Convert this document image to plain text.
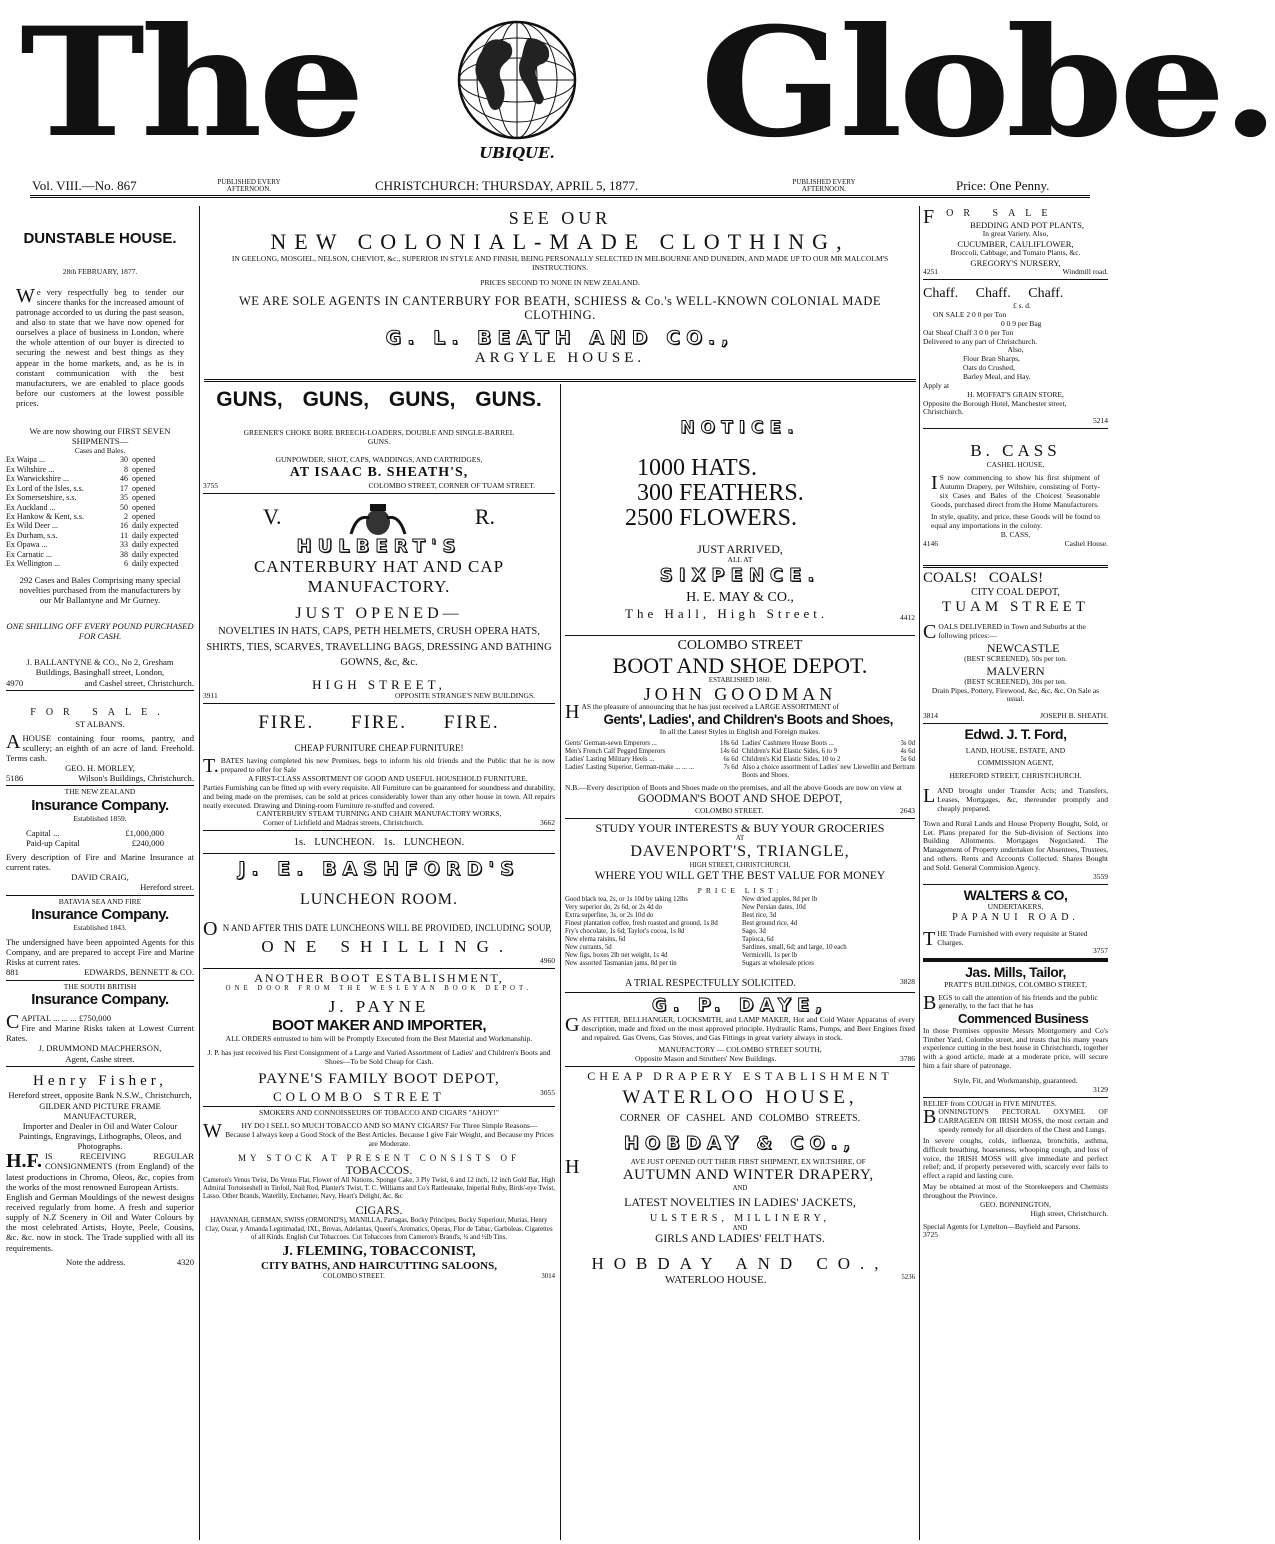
The	UBIQUE. Globe.
Vol. VIII.—No. 867	PUBLISHED EVERY AFTERNOON.	CHRISTCHURCH: THURSDAY, APRIL 5, 1877.	PUBLISHED EVERY AFTERNOON.	Price: One Penny.
DUNSTABLE HOUSE.
28th FEBRUARY, 1877.
We very respectfully beg to tender our sincere thanks for the increased amount of patronage accorded to us during the past season, and also to state that we have now opened for ourselves a place of business in London, where the whole attention of our buyer is directed to securing the newest and best things as they appear in the home markets, and, as he is in constant communication with the best manufacturers, we are enabled to place goods before our customers at the lowest possible prices.
We are now showing our FIRST SEVEN SHIPMENTS—
Cases and Bales.
Ex Waipa ...	30 opened
Ex Wiltshire ...	8 opened
Ex Warwickshire ...	46 opened
Ex Lord of the Isles, s.s.	17 opened
Ex Somersetshire, s.s.	35 opened
Ex Auckland ...	50 opened
Ex Hankow & Kent, s.s.	2 opened
Ex Wild Deer ...	16 daily expected
Ex Durham, s.s.	11 daily expected
Ex Opawa ...	33 daily expected
Ex Carnatic ...	38 daily expected
Ex Wellington ...	6 daily expected
292 Cases and Bales Comprising many special novelties purchased from the manufacturers by our Mr Ballantyne and Mr Gurney.
ONE SHILLING OFF EVERY POUND PURCHASED FOR CASH.
J. BALLANTYNE & CO., No 2, Gresham Buildings, Basinghall street, London,
4970	and Cashel street, Christchurch.
FOR SALE.
ST ALBAN'S.
AHOUSE containing four rooms, pantry, and scullery; an eighth of an acre of land. Freehold. Terms cash.
GEO. H. MORLEY,
5186	Wilson's Buildings, Christchurch.
THE NEW ZEALAND
Insurance Company.
Established 1859.
Capital ...	£1,000,000
Paid-up Capital	£240,000
Every description of Fire and Marine Insurance at current rates.
DAVID CRAIG,
Hereford street.
BATAVIA SEA AND FIRE
Insurance Company.
Established 1843.
The undersigned have been appointed Agents for this Company, and are prepared to accept Fire and Marine Risks at current rates.
881	EDWARDS, BENNETT & CO.
THE SOUTH BRITISH
Insurance Company.
CAPITAL ... ... ... £750,000
Fire and Marine Risks taken at Lowest Current Rates.
J. DRUMMOND MACPHERSON,
Agent, Cashe street.
Henry Fisher,
Hereford street, opposite Bank N.S.W., Christchurch,
GILDER AND PICTURE FRAME MANUFACTURER,
Importer and Dealer in Oil and Water Colour Paintings, Engravings, Lithographs, Oleos, and Photographs.
H.F. IS RECEIVING REGULAR CONSIGNMENTS (from England) of the latest productions in Chromo, Oleos, &c, copies from the works of the most renowned European Artists.
English and German Mouldings of the newest designs received regularly from home. A fresh and superior supply of N.Z Scenery in Oil and Water Colours by the most celebrated Artists, Hoyte, Peele, Cousins, &c. &c. now in stock. The Trade supplied with all its requirements.
Note the address.	4320
SEE OUR
NEW COLONIAL-MADE CLOTHING,
IN GEELONG, MOSGIEL, NELSON, CHEVIOT, &c., SUPERIOR IN STYLE AND FINISH, BEING PERSONALLY SELECTED IN MELBOURNE AND DUNEDIN, AND MADE UP TO OUR MR MALCOLM'S INSTRUCTIONS.
PRICES SECOND TO NONE IN NEW ZEALAND.
WE ARE SOLE AGENTS IN CANTERBURY FOR BEATH, SCHIESS & Co.'s WELL-KNOWN COLONIAL MADE CLOTHING.
G. L. BEATH AND CO.,
ARGYLE HOUSE.
GUNS, GUNS, GUNS, GUNS.
GREENER'S CHOKE BORE BREECH-LOADERS, DOUBLE AND SINGLE-BARREL GUNS.
GUNPOWDER, SHOT, CAPS, WADDINGS, AND CARTRIDGES,
AT ISAAC B. SHEATH'S,
3755	COLOMBO STREET, CORNER OF TUAM STREET.
V.	R.
HULBERT'S
CANTERBURY HAT AND CAP
MANUFACTORY.
JUST OPENED—
NOVELTIES IN HATS, CAPS, PETH HELMETS, CRUSH OPERA HATS, SHIRTS, TIES, SCARVES, TRAVELLING BAGS, DRESSING AND BATHING GOWNS, &c, &c.
HIGH STREET,
3911	OPPOSITE STRANGE'S NEW BUILDINGS.
FIRE. FIRE. FIRE.
CHEAP FURNITURE CHEAP FURNITURE!
T.BATES having completed his new Premises, begs to inform his old friends and the Public that he is now prepared to offer for Sale
A FIRST-CLASS ASSORTMENT OF GOOD AND USEFUL HOUSEHOLD FURNITURE.
Parties Furnishing can be fitted up with every requisite. All Furniture can be guaranteed for soundness and durability, and being made on the premises, can be sold at prices considerably lower than any other house in town. All repairs neatly executed. Drawing and Dining-room Furniture re-stuffed and covered.
CANTERBURY STEAM TURNING AND CHAIR MANUFACTORY WORKS,
Corner of Lichfield and Madras streets, Christchurch.	3662
1s. LUNCHEON. 1s. LUNCHEON.
J. E. BASHFORD'S
LUNCHEON ROOM.
ON AND AFTER THIS DATE LUNCHEONS WILL BE PROVIDED, INCLUDING SOUP,
ONE SHILLING.
4960
ANOTHER BOOT ESTABLISHMENT,
ONE DOOR FROM THE WESLEYAN BOOK DEPOT.
J. PAYNE
BOOT MAKER AND IMPORTER,
ALL ORDERS entrusted to him will be Promptly Executed from the Best Material and Workmanship.
J. P. has just received his First Consignment of a Large and Varied Assortment of Ladies' and Children's Boots and Shoes—To be Sold Cheap for Cash.
PAYNE'S FAMILY BOOT DEPOT,
COLOMBO STREET	3055
SMOKERS AND CONNOISSEURS OF TOBACCO AND CIGARS "AHOY!"
WHY DO I SELL SO MUCH TOBACCO AND SO MANY CIGARS? For Three Simple Reasons—
Because I always keep a Good Stock of the Best Articles. Because I give Fair Weight, and Because my Prices are Moderate.
MY STOCK AT PRESENT CONSISTS OF
TOBACCOS.
Cameron's Venus Twist, Do Venus Flat, Flower of All Nations, Sponge Cake, 3 Ply Twist, 6 and 12 inch, 12 inch Gold Bar, High Admiral Tortoiseshell in Tinfoil, Nail Rod, Planter's Twist, T. C. Williams and Co's Rattlesnake, Imperial Ruby, Birds'-eye Twist, Lasso. Other Brands, Waterlily, Enchanter, Navy, Heart's Delight, &c, &c
CIGARS.
HAVANNAH, GERMAN, SWISS (ORMOND'S), MANILLA, Partagas, Bocky Principes, Bocky Superiour, Murias, Henry Clay, Oscar, y Amanda Legitimadad, IXL, Brevas, Adelantas, Queen's, Aromatics, Operas, Flor de Tabac, Garboleas. Cigarettes of all Kinds. English Cut Tobaccoes. Cut Tobaccoes from Cameron's Brand's, ¼ and ½lb Tins.
J. FLEMING, TOBACCONIST,
CITY BATHS, AND HAIRCUTTING SALOONS,
COLOMBO STREET.	3014
NOTICE.
1000 HATS.
300 FEATHERS.
2500 FLOWERS.
JUST ARRIVED,
ALL AT
SIXPENCE.
H. E. MAY & CO.,
The Hall, High Street.	4412
COLOMBO STREET
BOOT AND SHOE DEPOT.
ESTABLISHED 1860.
JOHN GOODMAN
HAS the pleasure of announcing that he has just received a LARGE ASSORTMENT of
Gents', Ladies', and Children's Boots and Shoes,
In all the Latest Styles in English and Foreign makes.
Gents' German-sewn Emperors ...	18s 6d
Men's French Calf Pegged Emperors	14s 6d
Ladies' Lasting Military Heels ...	6s 6d
Ladies' Lasting Superior, German-make ... ... ...	7s 6d
Ladies' Cashmere House Boots ...	3s 0d
Children's Kid Elastic Sides, 6 to 9	4s 6d
Children's Kid Elastic Sides, 10 to 2	5s 6d
Also a choice assortment of Ladies' new Llewellin and Bertram Boots and Shoes.
N.B.—Every description of Boots and Shoes made on the premises, and all the above Goods are now on view at
GOODMAN'S BOOT AND SHOE DEPOT,
COLOMBO STREET.	2643
STUDY YOUR INTERESTS & BUY YOUR GROCERIES
AT
DAVENPORT'S, TRIANGLE,
HIGH STREET, CHRISTCHURCH,
WHERE YOU WILL GET THE BEST VALUE FOR MONEY
PRICE LIST:
Good black tea, 2s, or 1s 10d by taking 12lbs
Very superior do, 2s 6d, or 2s 4d do
Extra superfine, 3s, or 2s 10d do
Finest plantation coffee, fresh roasted and ground, 1s 8d
Fry's chocolate, 1s 6d; Taylor's cocoa, 1s 8d
New elema raisins, 6d
New currants, 5d
New figs, boxes 2lb net weight, 1s 4d
New assorted Tasmanian jams, 8d per tin
New dried apples, 8d per lb
New Persian dates, 10d
Best rice, 3d
Best ground rice, 4d
Sago, 3d
Tapioca, 6d
Sardines, small, 6d; and large, 10 each
Vermicelli, 1s per lb
Sugars at wholesale prices
A TRIAL RESPECTFULLY SOLICITED.	3828
G. P. DAYE,
GAS FITTER, BELLHANGER, LOCKSMITH, and LAMP MAKER, Hot and Cold Water Apparatus of every description, made and fixed on the most approved principle. Hydraulic Rams, Pumps, and Beer Engines fixed and repaired. Gas Ovens, Gas Stoves, and Gas Fittings in great variety always in stock.
MANUFACTORY — COLOMBO STREET SOUTH,
Opposite Mason and Struthers' New Buildings.	3786
CHEAP DRAPERY ESTABLISHMENT
WATERLOO HOUSE,
CORNER OF CASHEL AND COLOMBO STREETS.
HOBDAY & CO.,
HAVE JUST OPENED OUT THEIR FIRST SHIPMENT, EX WILTSHIRE, OF
AUTUMN AND WINTER DRAPERY,
AND
LATEST NOVELTIES IN LADIES' JACKETS,
ULSTERS, MILLINERY,
AND
GIRLS AND LADIES' FELT HATS.
HOBDAY AND CO.,
WATERLOO HOUSE.	5236
FOR SALE
BEDDING AND POT PLANTS,
In great Variety. Also,
CUCUMBER, CAULIFLOWER,
Broccoli, Cabbage, and Tomato Plants, &c.
GREGORY'S NURSERY,
4251	Windmill road.
Chaff. Chaff. Chaff.
£ s. d.
ON SALE 2 0 0 per Ton
0 0 9 per Bag
Oat Sheaf Chaff 3 0 0 per Ton
Delivered to any part of Christchurch.
Also,
Flour Bran Sharps,
Oats do Crushed,
Barley Meal, and Hay.
Apply at
H. MOFFAT'S GRAIN STORE,
Opposite the Borough Hotel, Manchester street, Christchurch.
5214
B. CASS
CASHEL HOUSE,
IS now commencing to show his first shipment of Autumn Drapery, per Wiltshire, consisting of Forty-six Cases and Bales of the Choicest Seasonable Goods, purchased direct from the Home Manufacturers.
In style, quality, and price, these Goods will be found to equal any importations in the colony.
B. CASS,
4146	Cashel House.
COALS! COALS!
CITY COAL DEPOT,
TUAM STREET
COALS DELIVERED in Town and Suburbs at the following prices:—
NEWCASTLE
(BEST SCREENED), 50s per ton.
MALVERN
(BEST SCREENED), 30s per ten.
Drain Pipes, Pottery, Firewood, &c, &c, &c, On Sale as usual.
3814	JOSEPH B. SHEATH.
Edwd. J. T. Ford,
LAND, HOUSE, ESTATE, AND
COMMISSION AGENT,
HEREFORD STREET, CHRISTCHURCH.
LAND brought under Transfer Acts; and Transfers, Leases, Mortgages, &c, thereunder promptly and cheaply prepared.
Town and Rural Lands and House Property Bought, Sold, or Let. Plans prepared for the Sub-division of Sections into Building Allotments. Mortgages Negociated. The Management of Property undertaken for Absentees, Trustees, and others. Rents and Accounts Collected. Shares Bought and Sold. General Commision Agency.
3559
WALTERS & CO,
UNDERTAKERS,
PAPANUI ROAD.
THE Trade Furnished with every requisite at Stated Charges.
3757
Jas. Mills, Tailor,
PRATT'S BUILDINGS, COLOMBO STREET,
BEGS to call the attention of his friends and the public generally, to the fact that he has
Commenced Business
In those Premises opposite Messrs Montgomery and Co's Timber Yard, Colombo street, and trusts that his many years experience cutting in the best house in Christchurch, together with a good article, made at a moderate price, will secure him a fair share of patronage.
Style, Fit, and Workmanship, guaranteed.
3129
RELIEF from COUGH in FIVE MINUTES.
BONNINGTON'S PECTORAL OXYMEL OF CARRAGEEN OR IRISH MOSS, the most certain and speedy remedy for all disorders of the Chest and Lungs.
In severe coughs, colds, influenza, bronchitis, asthma, difficult breathing, hoarseness, whooping cough, and loss of voice, the IRISH MOSS will give immediate and perfect relief; and, if properly persevered with, scarcely ever fails to effect a rapid and lasting cure.
May be obtained at most of the Storekeepers and Chemists throughout the Province.
GEO. BONNINGTON,
High street, Christchurch.
Special Agents for Lyttelton—Bayfield and Parsons.
3725
